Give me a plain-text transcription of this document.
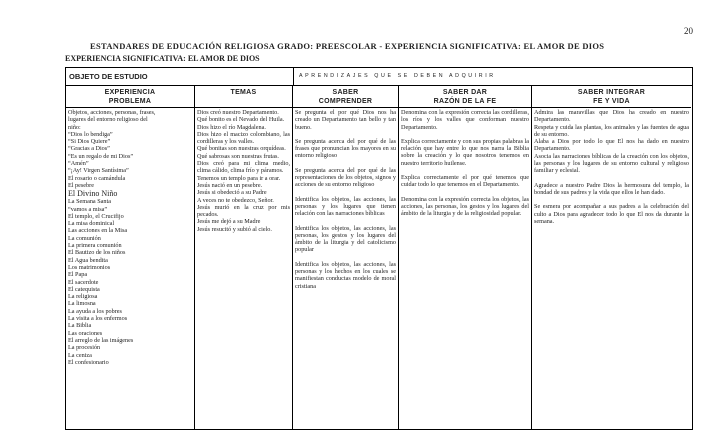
20
ESTANDARES DE EDUCACIÓN RELIGIOSA GRADO: PREESCOLAR - EXPERIENCIA SIGNIFICATIVA: EL AMOR DE DIOS
EXPERIENCIA SIGNIFICATIVA: EL AMOR DE DIOS
OBJETO DE ESTUDIO	APRENDIZAJES QUE SE DEBEN ADQUIRIR
EXPERIENCIA
PROBLEMA
Objetos, acciones, personas, frases,
lugares del entorno religioso del
niño:
“Dios lo bendiga”
“Si Dios Quiere”
“Gracias a Dios”
“Es un regalo de mi Dios”
“Amén”
“¡Ay! Virgen Santísima”
El rosario o camándula
El pesebre
El Divino Niño
La Semana Santa
“vamos a misa”
El templo, el Crucifijo
La misa dominical
Las acciones en la Misa
La comunión
La primera comunión
El Bautizo de los niños
El Agua bendita
Los matrimonios
El Papa
El sacerdote
El catequista
La religiosa
La limosna
La ayuda a los pobres
La visita a los enfermos
La Biblia
Las oraciones
El arreglo de las imágenes
La procesión
La ceniza
El confesionario
TEMAS

Dios creó nuestro Departamento.

Qué bonito es el Nevado del Huila.

Dios hizo el río Magdalena.

Dios hizo el macizo colombiano, las cordilleras y los valles.

Qué bonitas son nuestras orquídeas.

Qué sabrosas son nuestras frutas.

Dios creó para mi clima medio, clima cálido, clima frío y páramos.

Tenemos un templo para ir a orar.

Jesús nació en un pesebre.

Jesús si obedeció a su Padre

A veces no te obedezco, Señor.

Jesús murió en la cruz por mis pecados.

Jesús me dejó a su Madre

Jesús resucitó y subió al cielo.

SABER
COMPRENDER

Se pregunta el por qué Dios nos ha creado un Departamento tan bello y tan bueno.

Se pregunta acerca del por qué de las frases que pronuncian los mayores en su entorno religioso

Se pregunta acerca del por qué de las representaciones de los objetos, signos y acciones de su entorno religioso

Identifica los objetos, las acciones, las personas y los lugares que tienen relación con las narraciones bíblicas

Identifica los objetos, las acciones, las personas, los gestos y los lugares del ámbito de la liturgia y del catolicismo popular

Identifica los objetos, las acciones, las personas y los hechos en los cuales se manifiestan conductas modelo de moral cristiana

SABER DAR
RAZÓN DE LA FE

Denomina con la expresión correcta las cordilleras, los ríos y los valles que conforman nuestro Departamento.

Explica correctamente y con sus propias palabras la relación que hay entre lo que nos narra la Biblia sobre la creación y lo que nosotros tenemos en nuestro territorio huilense.

Explica correctamente el por qué tenemos que cuidar todo lo que tenemos en el Departamento.

Denomina con la expresión correcta los objetos, las acciones, las personas, los gestos y los lugares del ámbito de la liturgia y de la religiosidad popular.

SABER INTEGRAR
FE Y VIDA

Admira las maravillas que Dios ha creado en nuestro Departamento.

Respeta y cuida las plantas, los animales y las fuentes de agua de su entorno.

Alaba a Dios por todo lo que El nos ha dado en nuestro Departamento.

Asocia las narraciones bíblicas de la creación con los objetos, las personas y los lugares de su entorno cultural y religioso familiar y eclesial.

Agradece a nuestro Padre Dios la hermosura del templo, la bondad de sus padres y la vida que ellos le han dado.

Se esmera por acompañar a sus padres a la celebración del culto a Dios para agradecer todo lo que El nos da durante la semana.
